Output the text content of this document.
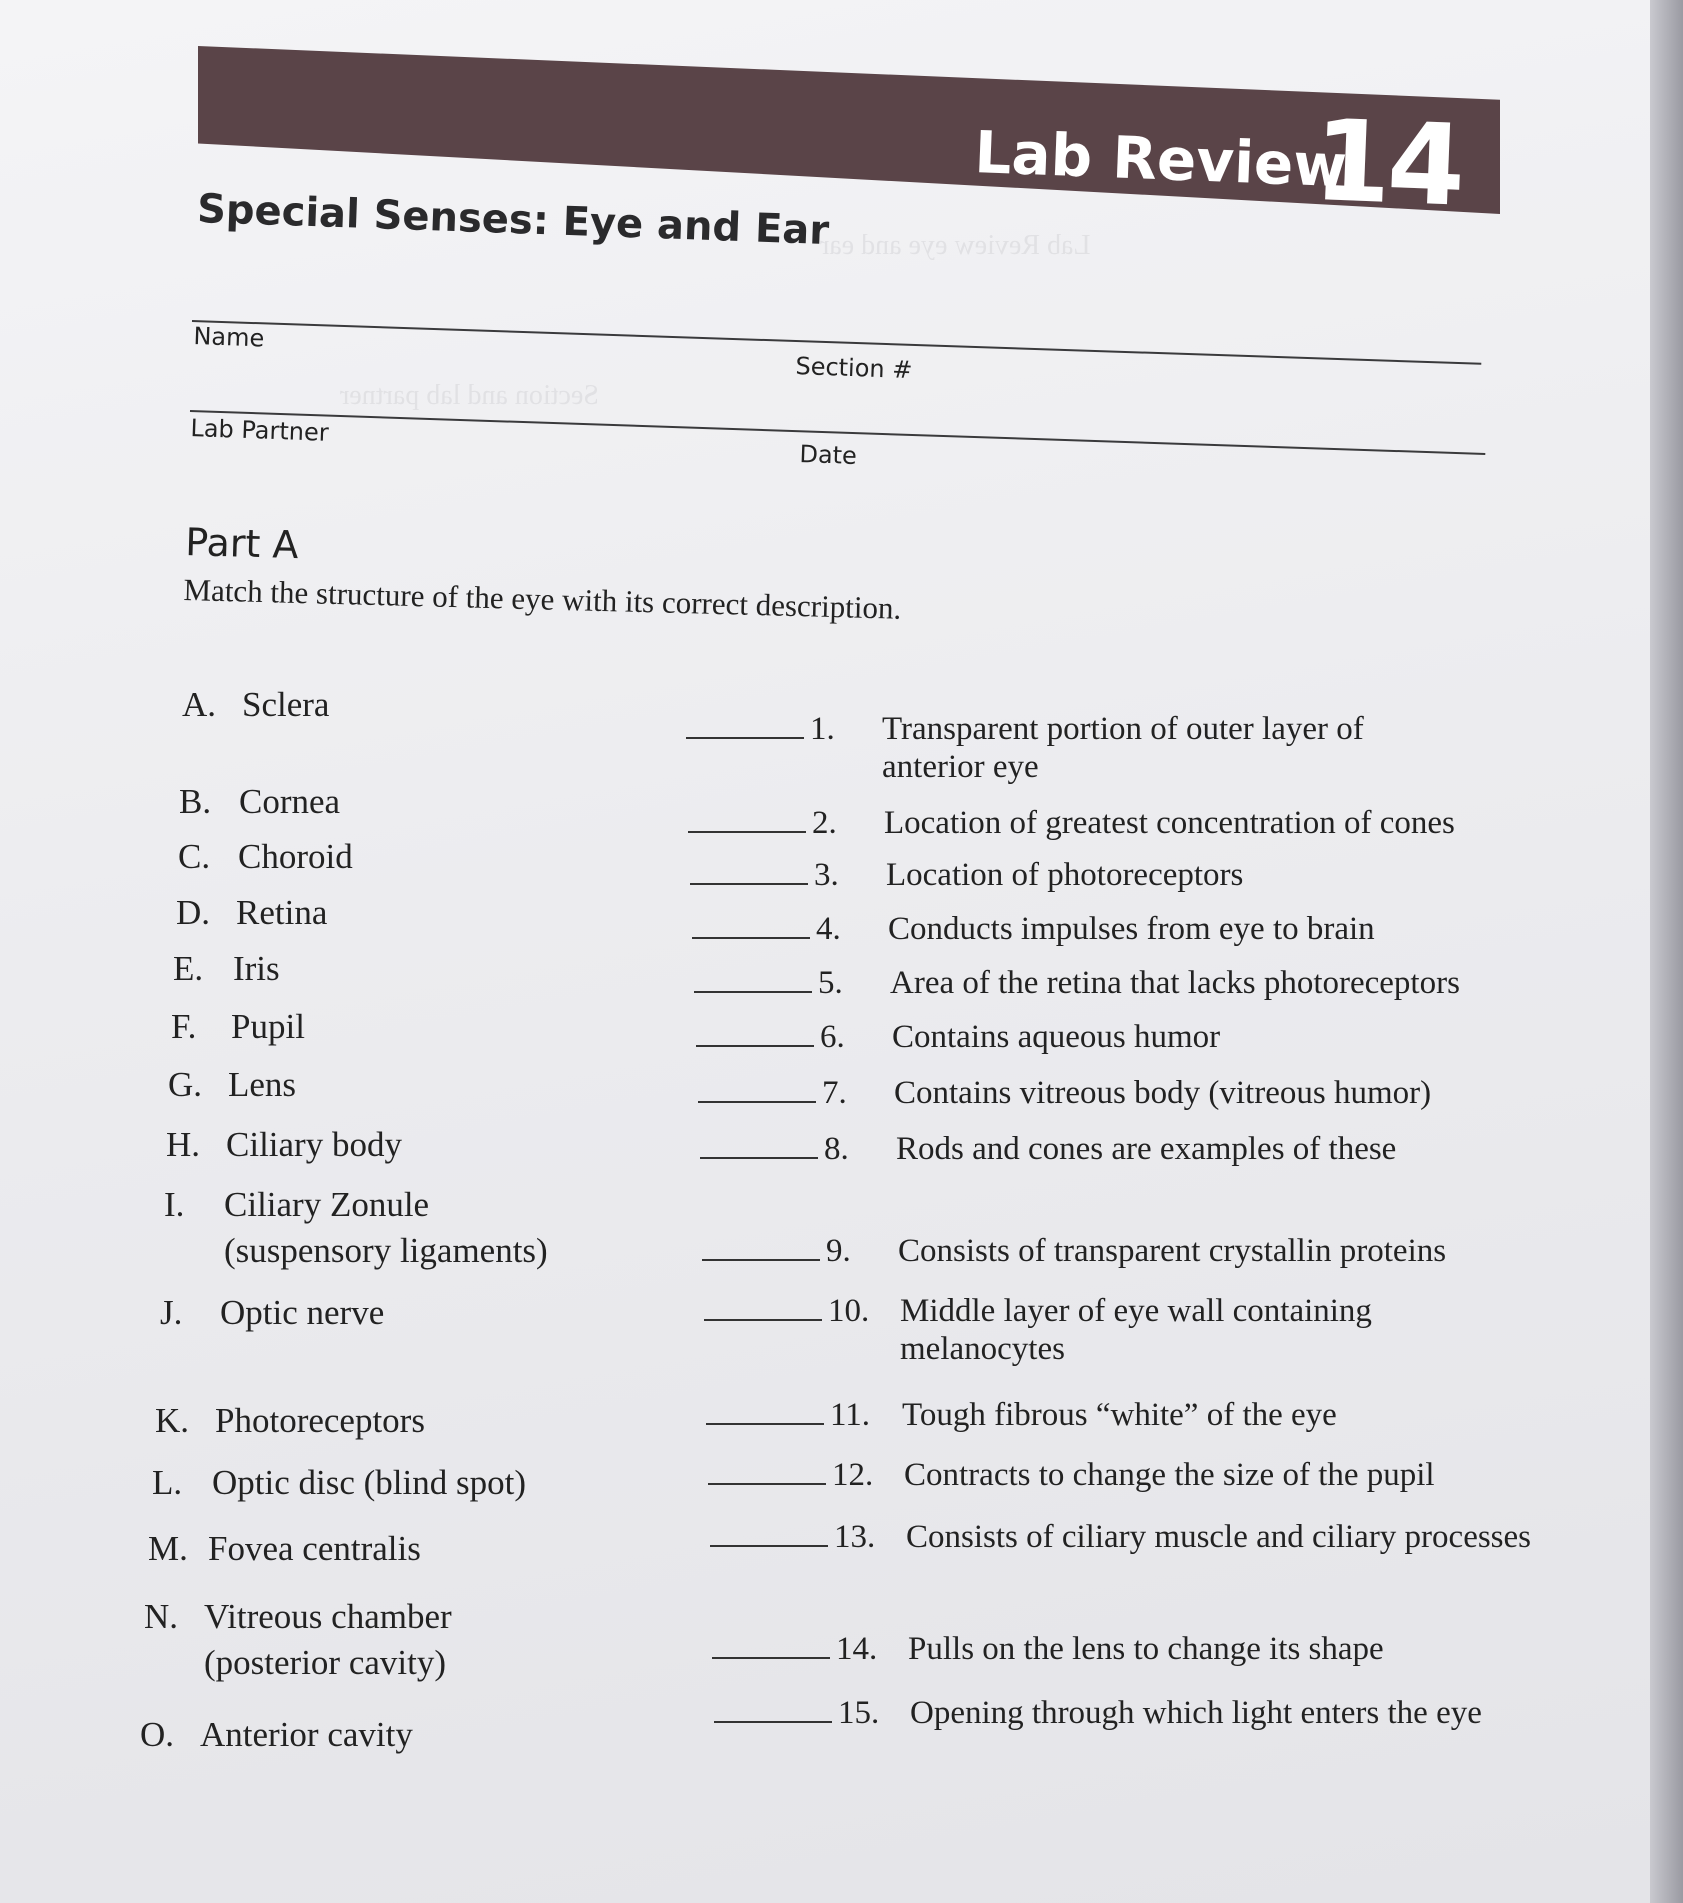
Lab Review
14
Special Senses: Eye and Ear
Name
Section #
Lab Partner
Date
Part A
Match the structure of the eye with its correct description.
Lab Review eye and ear
Section and lab partner
A. Sclera
B. Cornea
C. Choroid
D. Retina
E. Iris
F. Pupil
G. Lens
H. Ciliary body
I. Ciliary Zonule
(suspensory ligaments)
J. Optic nerve
K. Photoreceptors
L. Optic disc (blind spot)
M. Fovea centralis
N. Vitreous chamber
(posterior cavity)
O. Anterior cavity
1. Transparent portion of outer layer of
anterior eye
2. Location of greatest concentration of cones
3. Location of photoreceptors
4. Conducts impulses from eye to brain
5. Area of the retina that lacks photoreceptors
6. Contains aqueous humor
7. Contains vitreous body (vitreous humor)
8. Rods and cones are examples of these
9. Consists of transparent crystallin proteins
10. Middle layer of eye wall containing
melanocytes
11. Tough fibrous “white” of the eye
12. Contracts to change the size of the pupil
13. Consists of ciliary muscle and ciliary processes
14. Pulls on the lens to change its shape
15. Opening through which light enters the eye
